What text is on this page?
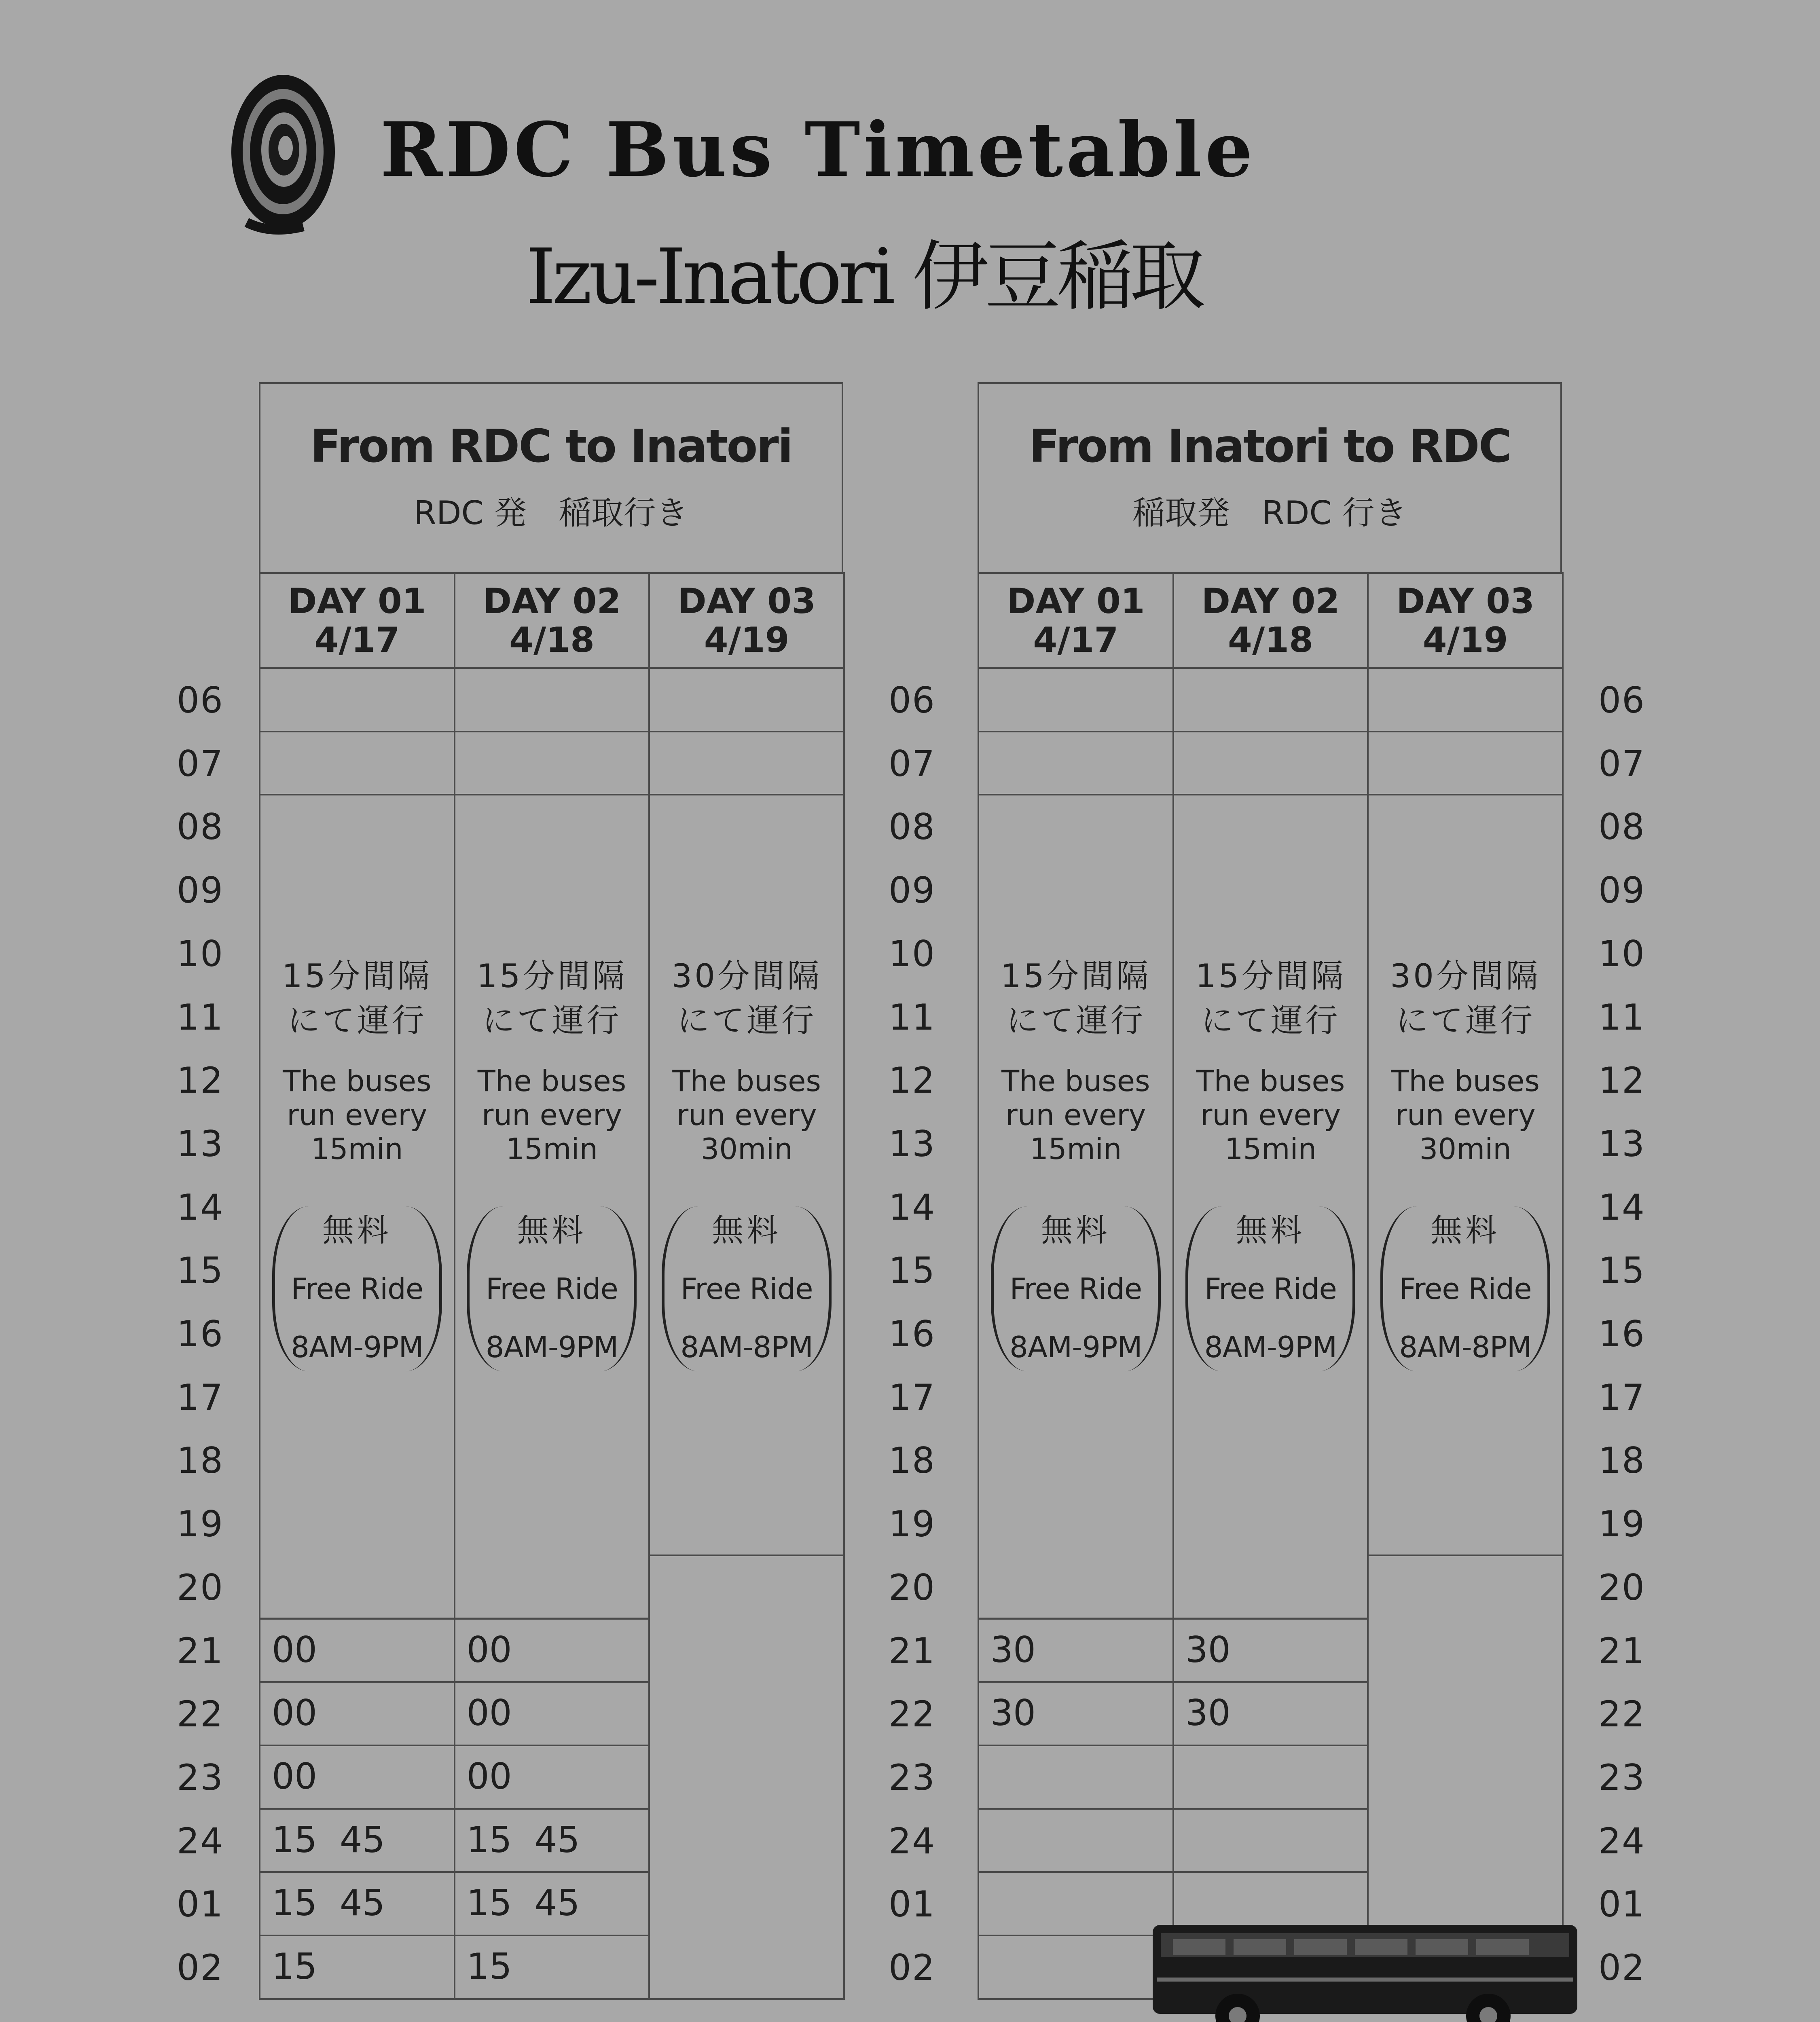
RDC Bus Timetable
Izu-Inatori 伊豆稲取
06
07
08
09
10
11
12
13
14
15
16
17
18
19
20
21
22
23
24
01
02
06
07
08
09
10
11
12
13
14
15
16
17
18
19
20
21
22
23
24
01
02
06
07
08
09
10
11
12
13
14
15
16
17
18
19
20
21
22
23
24
01
02
From RDC to Inatori
RDC 発　稲取行き
DAY 01
4/17
15分間隔
にて運行
The buses
run every
15min
無料
Free Ride
8AM-9PM
00
00
00
15  45
15  45
15
DAY 02
4/18
15分間隔
にて運行
The buses
run every
15min
無料
Free Ride
8AM-9PM
00
00
00
15  45
15  45
15
DAY 03
4/19
30分間隔
にて運行
The buses
run every
30min
無料
Free Ride
8AM-8PM
From Inatori to RDC
稲取発　RDC 行き
DAY 01
4/17
15分間隔
にて運行
The buses
run every
15min
無料
Free Ride
8AM-9PM
30
30
DAY 02
4/18
15分間隔
にて運行
The buses
run every
15min
無料
Free Ride
8AM-9PM
30
30
DAY 03
4/19
30分間隔
にて運行
The buses
run every
30min
無料
Free Ride
8AM-8PM
